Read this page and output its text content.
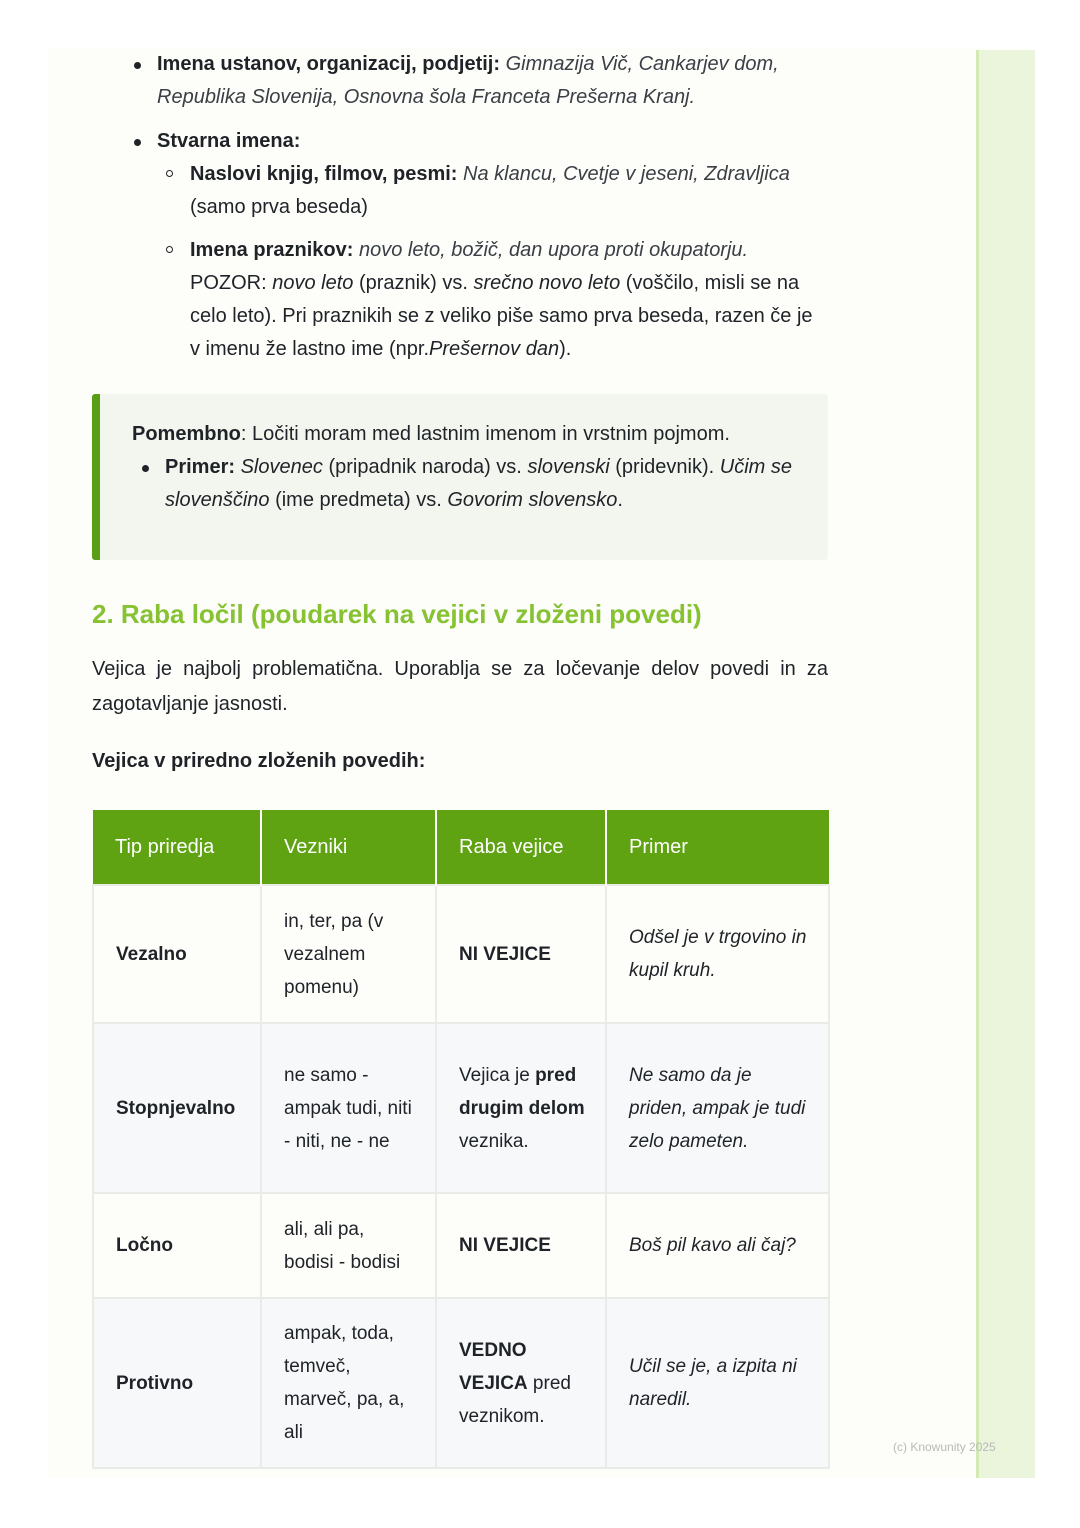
Imena ustanov, organizacij, podjetij: Gimnazija Vič, Cankarjev dom, Republika Slovenija, Osnovna šola Franceta Prešerna Kranj.
Stvarna imena:
Naslovi knjig, filmov, pesmi: Na klancu, Cvetje v jeseni, Zdravljica (samo prva beseda)
Imena praznikov: novo leto, božič, dan upora proti okupatorju. POZOR: novo leto (praznik) vs. srečno novo leto (voščilo, misli se na celo leto). Pri praznikih se z veliko piše samo prva beseda, razen če je v imenu že lastno ime (npr.Prešernov dan).
Pomembno: Ločiti moram med lastnim imenom in vrstnim pojmom.
Primer: Slovenec (pripadnik naroda) vs. slovenski (pridevnik). Učim se slovenščino (ime predmeta) vs. Govorim slovensko.
2. Raba ločil (poudarek na vejici v zloženi povedi)

Vejica je najbolj problematična. Uporablja se za ločevanje delov povedi in za zagotavljanje jasnosti.

Vejica v priredno zloženih povedih:
Tip priredja	Vezniki	Raba vejice	Primer
Vezalno	in, ter, pa (v vezalnem pomenu)	NI VEJICE	Odšel je v trgovino in kupil kruh.
Stopnjevalno	ne samo - ampak tudi, niti - niti, ne - ne	Vejica je pred drugim delom veznika.	Ne samo da je priden, ampak je tudi zelo pameten.
Ločno	ali, ali pa, bodisi - bodisi	NI VEJICE	Boš pil kavo ali čaj?
Protivno	ampak, toda, temveč, marveč, pa, a, ali	VEDNO VEJICA pred veznikom.	Učil se je, a izpita ni naredil.
(c) Knowunity 2025
